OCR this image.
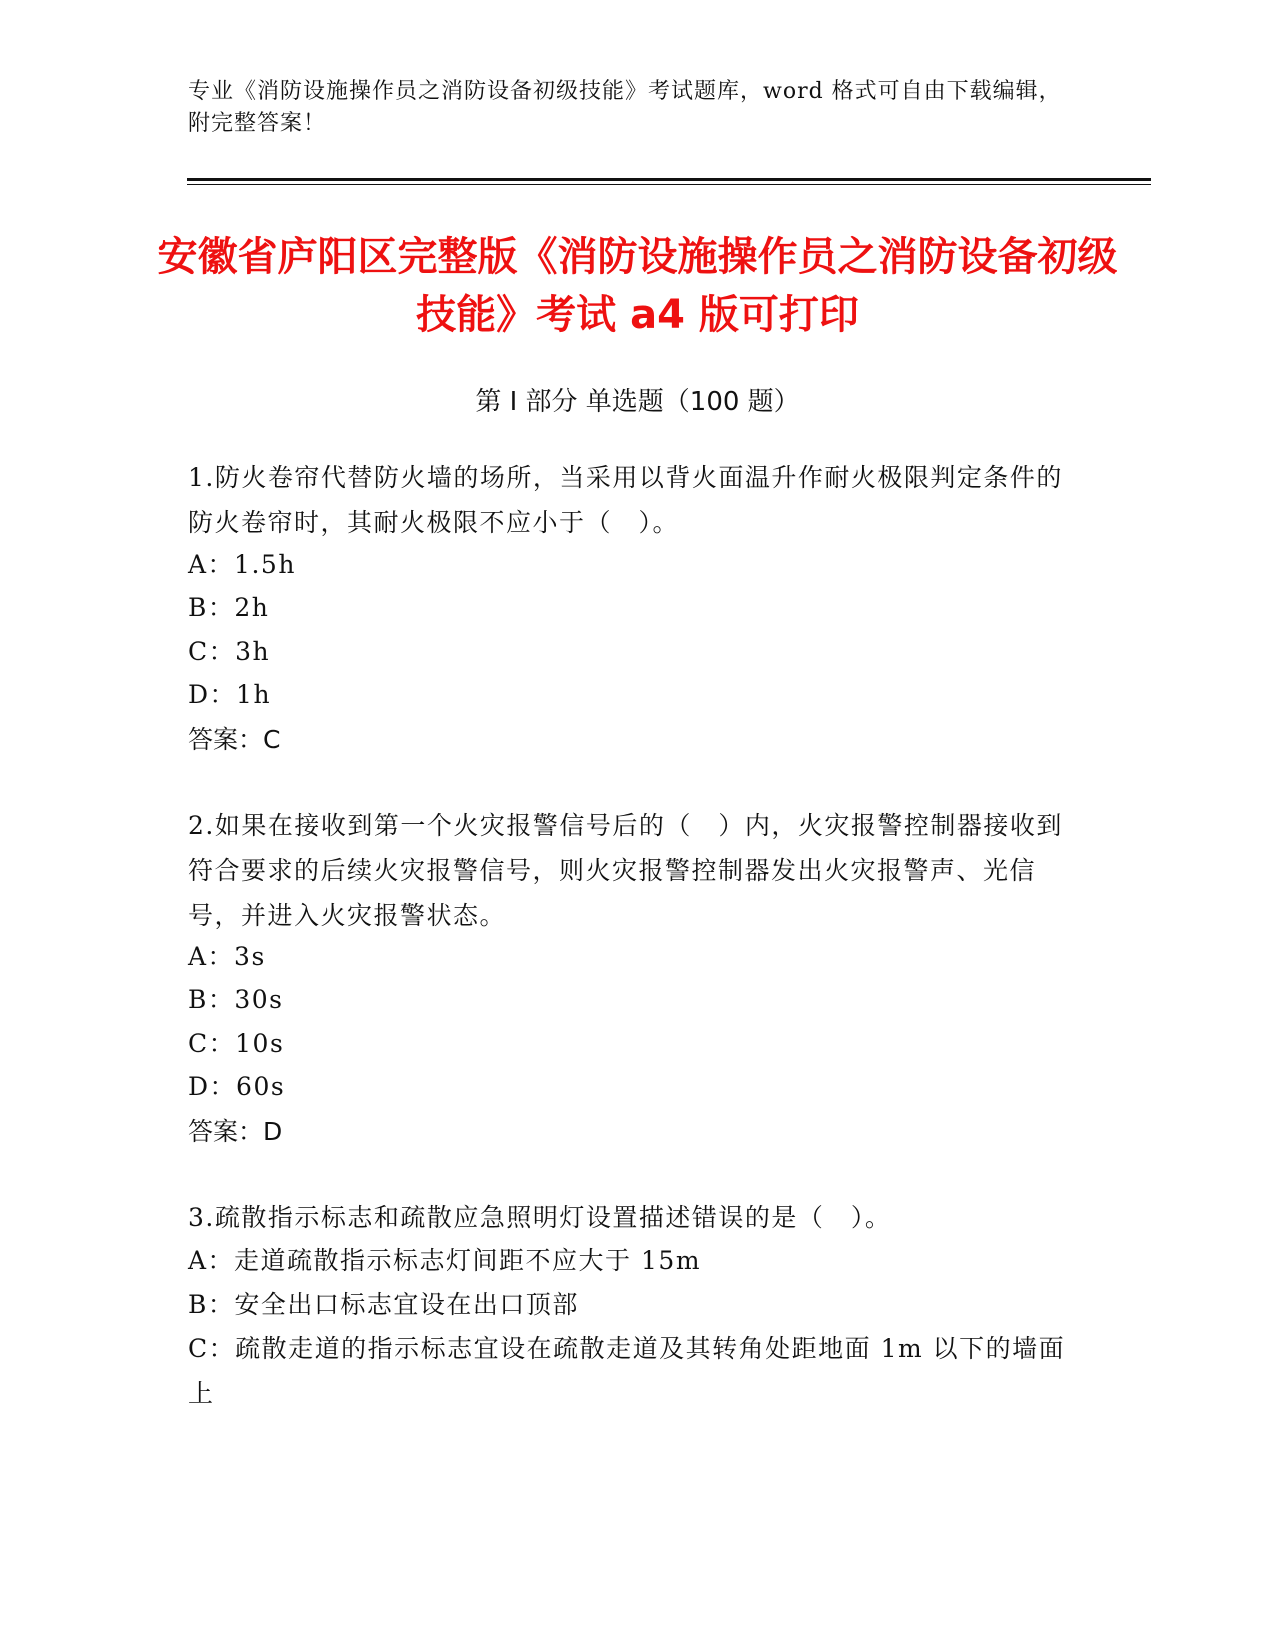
专业《消防设施操作员之消防设备初级技能》考试题库，word 格式可自由下载编辑，附完整答案！
安徽省庐阳区完整版《消防设施操作员之消防设备初级技能》考试 a4 版可打印
第 I 部分 单选题（100 题）
1.防火卷帘代替防火墙的场所，当采用以背火面温升作耐火极限判定条件的防火卷帘时，其耐火极限不应小于（　）。
A：1.5h
B：2h
C：3h
D：1h
答案：C
2.如果在接收到第一个火灾报警信号后的（　）内，火灾报警控制器接收到符合要求的后续火灾报警信号，则火灾报警控制器发出火灾报警声、光信号，并进入火灾报警状态。
A：3s
B：30s
C：10s
D：60s
答案：D
3.疏散指示标志和疏散应急照明灯设置描述错误的是（　）。
A：走道疏散指示标志灯间距不应大于 15m
B：安全出口标志宜设在出口顶部
C：疏散走道的指示标志宜设在疏散走道及其转角处距地面 1m 以下的墙面上
